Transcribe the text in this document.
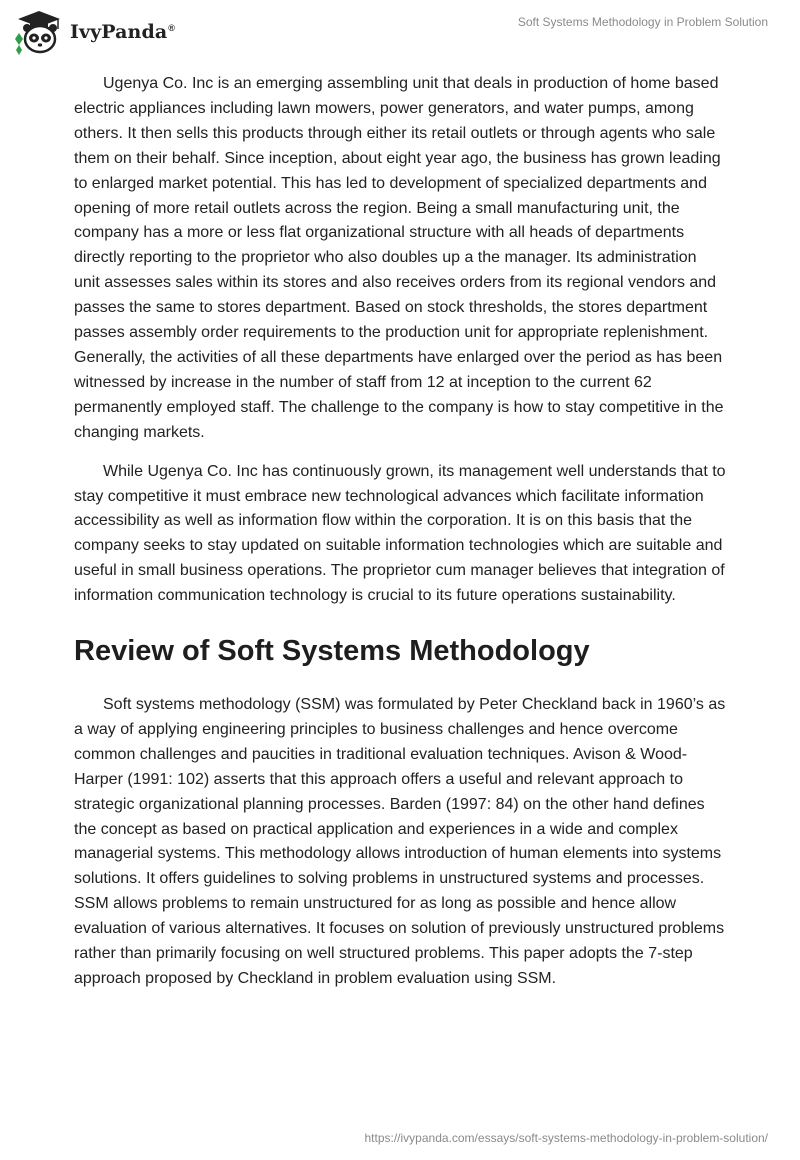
IvyPanda®	Soft Systems Methodology in Problem Solution

Ugenya Co. Inc is an emerging assembling unit that deals in production of home based electric appliances including lawn mowers, power generators, and water pumps, among others. It then sells this products through either its retail outlets or through agents who sale them on their behalf. Since inception, about eight year ago, the business has grown leading to enlarged market potential. This has led to development of specialized departments and opening of more retail outlets across the region. Being a small manufacturing unit, the company has a more or less flat organizational structure with all heads of departments directly reporting to the proprietor who also doubles up a the manager. Its administration unit assesses sales within its stores and also receives orders from its regional vendors and passes the same to stores department. Based on stock thresholds, the stores department passes assembly order requirements to the production unit for appropriate replenishment. Generally, the activities of all these departments have enlarged over the period as has been witnessed by increase in the number of staff from 12 at inception to the current 62 permanently employed staff. The challenge to the company is how to stay competitive in the changing markets.

While Ugenya Co. Inc has continuously grown, its management well understands that to stay competitive it must embrace new technological advances which facilitate information accessibility as well as information flow within the corporation. It is on this basis that the company seeks to stay updated on suitable information technologies which are suitable and useful in small business operations. The proprietor cum manager believes that integration of information communication technology is crucial to its future operations sustainability.

Review of Soft Systems Methodology

Soft systems methodology (SSM) was formulated by Peter Checkland back in 1960’s as a way of applying engineering principles to business challenges and hence overcome common challenges and paucities in traditional evaluation techniques. Avison & Wood-Harper (1991: 102) asserts that this approach offers a useful and relevant approach to strategic organizational planning processes. Barden (1997: 84) on the other hand defines the concept as based on practical application and experiences in a wide and complex managerial systems. This methodology allows introduction of human elements into systems solutions. It offers guidelines to solving problems in unstructured systems and processes. SSM allows problems to remain unstructured for as long as possible and hence allow evaluation of various alternatives. It focuses on solution of previously unstructured problems rather than primarily focusing on well structured problems. This paper adopts the 7-step approach proposed by Checkland in problem evaluation using SSM.

https://ivypanda.com/essays/soft-systems-methodology-in-problem-solution/
